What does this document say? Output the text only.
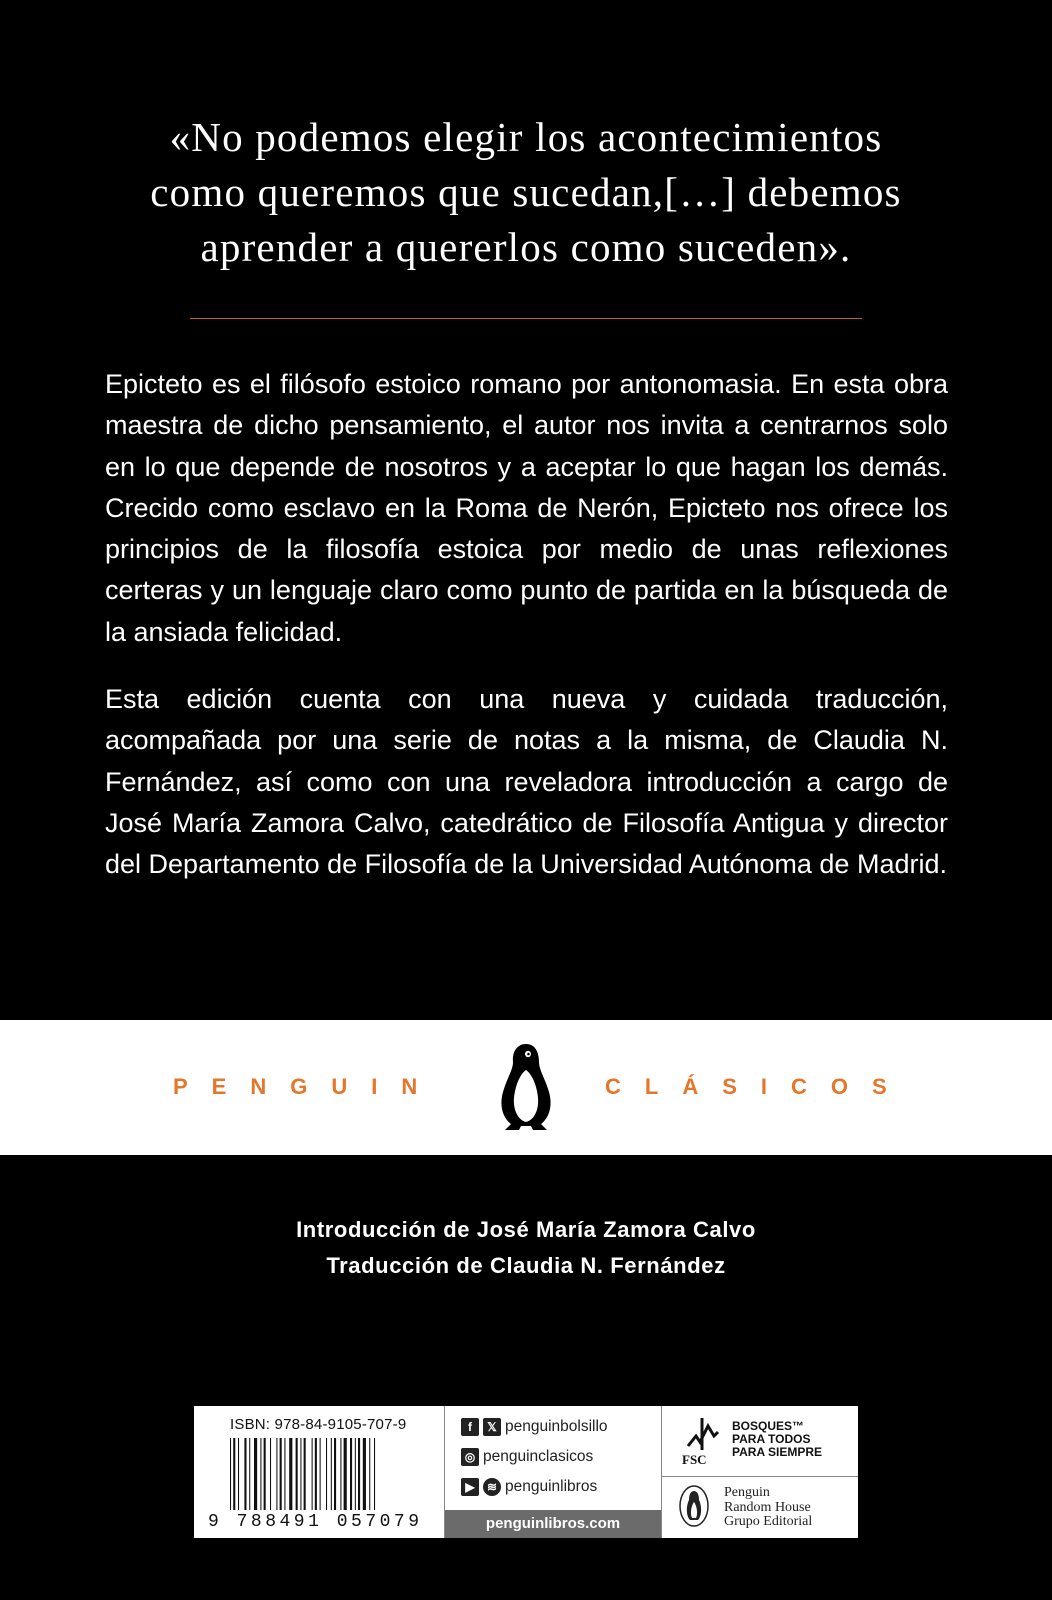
«No podemos elegir los acontecimientos
como queremos que sucedan,[…] debemos
aprender a quererlos como suceden».

Epicteto es el filósofo estoico romano por antonomasia. En esta obra maestra de dicho pensamiento, el autor nos invita a centrarnos solo en lo que depende de nosotros y a aceptar lo que hagan los demás. Crecido como esclavo en la Roma de Nerón, Epicteto nos ofrece los principios de la filosofía estoica por medio de unas reflexiones certeras y un lenguaje claro como punto de partida en la búsqueda de la ansiada felicidad.

Esta edición cuenta con una nueva y cuidada traducción, acompañada por una serie de notas a la misma, de Claudia N. Fernández, así como con una reveladora introducción a cargo de José María Zamora Calvo, catedrático de Filosofía Antigua y director del Departamento de Filosofía de la Universidad Autónoma de Madrid.

PENGUIN	CLÁSICOS
Introducción de José María Zamora Calvo
Traducción de Claudia N. Fernández
ISBN: 978-84-9105-707-9
9 788491 057079
f	𝕏 penguinbolsillo
◎ penguinclasicos
▶	≋ penguinlibros
penguinlibros.com
FSC
BOSQUES™
PARA TODOS
PARA SIEMPRE
Penguin
Random House
Grupo Editorial
